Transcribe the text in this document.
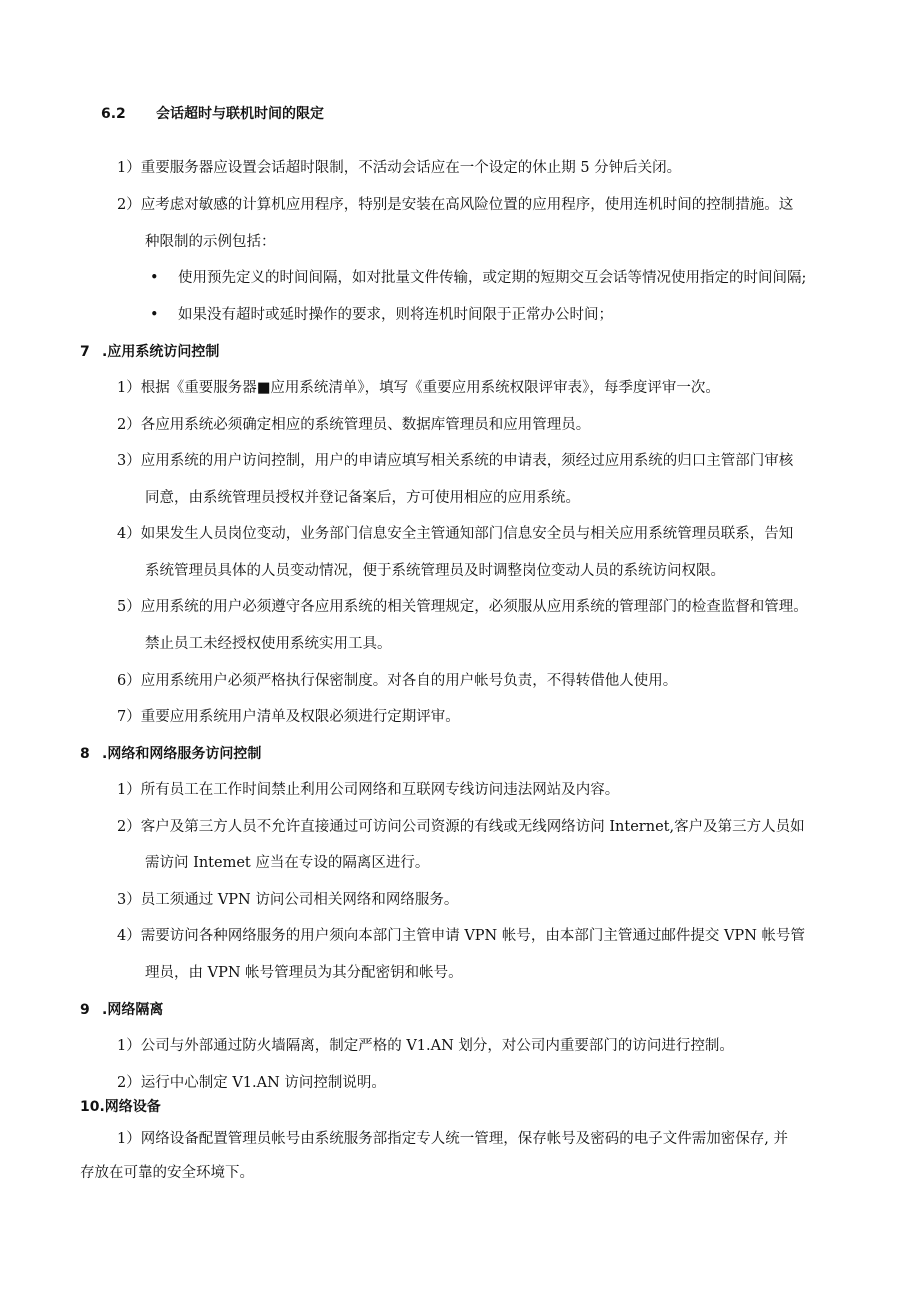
6.2 会话超时与联机时间的限定
1）重要服务器应设置会话超时限制，不活动会话应在一个设定的休止期 5 分钟后关闭。
2）应考虑对敏感的计算机应用程序，特别是安装在高风险位置的应用程序，使用连机时间的控制措施。这
种限制的示例包括：
• 使用预先定义的时间间隔，如对批量文件传输，或定期的短期交互会话等情况使用指定的时间间隔;
• 如果没有超时或延时操作的要求，则将连机时间限于正常办公时间；
7 .应用系统访问控制
1）根据《重要服务器■应用系统清单》，填写《重要应用系统权限评审表》，每季度评审一次。
2）各应用系统必须确定相应的系统管理员、数据库管理员和应用管理员。
3）应用系统的用户访问控制，用户的申请应填写相关系统的申请表，须经过应用系统的归口主管部门审核
同意，由系统管理员授权并登记备案后，方可使用相应的应用系统。
4）如果发生人员岗位变动，业务部门信息安全主管通知部门信息安全员与相关应用系统管理员联系，告知
系统管理员具体的人员变动情况，便于系统管理员及时调整岗位变动人员的系统访问权限。
5）应用系统的用户必须遵守各应用系统的相关管理规定，必须服从应用系统的管理部门的检查监督和管理。
禁止员工未经授权使用系统实用工具。
6）应用系统用户必须严格执行保密制度。对各自的用户帐号负责，不得转借他人使用。
7）重要应用系统用户清单及权限必须进行定期评审。
8 .网络和网络服务访问控制
1）所有员工在工作时间禁止利用公司网络和互联网专线访问违法网站及内容。
2）客户及第三方人员不允许直接通过可访问公司资源的有线或无线网络访问 Internet,客户及第三方人员如
需访问 Intemet 应当在专设的隔离区进行。
3）员工须通过 VPN 访问公司相关网络和网络服务。
4）需要访问各种网络服务的用户须向本部门主管申请 VPN 帐号，由本部门主管通过邮件提交 VPN 帐号管
理员，由 VPN 帐号管理员为其分配密钥和帐号。
9 .网络隔离
1）公司与外部通过防火墙隔离，制定严格的 V1.AN 划分，对公司内重要部门的访问进行控制。
2）运行中心制定 V1.AN 访问控制说明。
10.网络设备
1）网络设备配置管理员帐号由系统服务部指定专人统一管理，保存帐号及密码的电子文件需加密保存, 并
存放在可靠的安全环境下。
